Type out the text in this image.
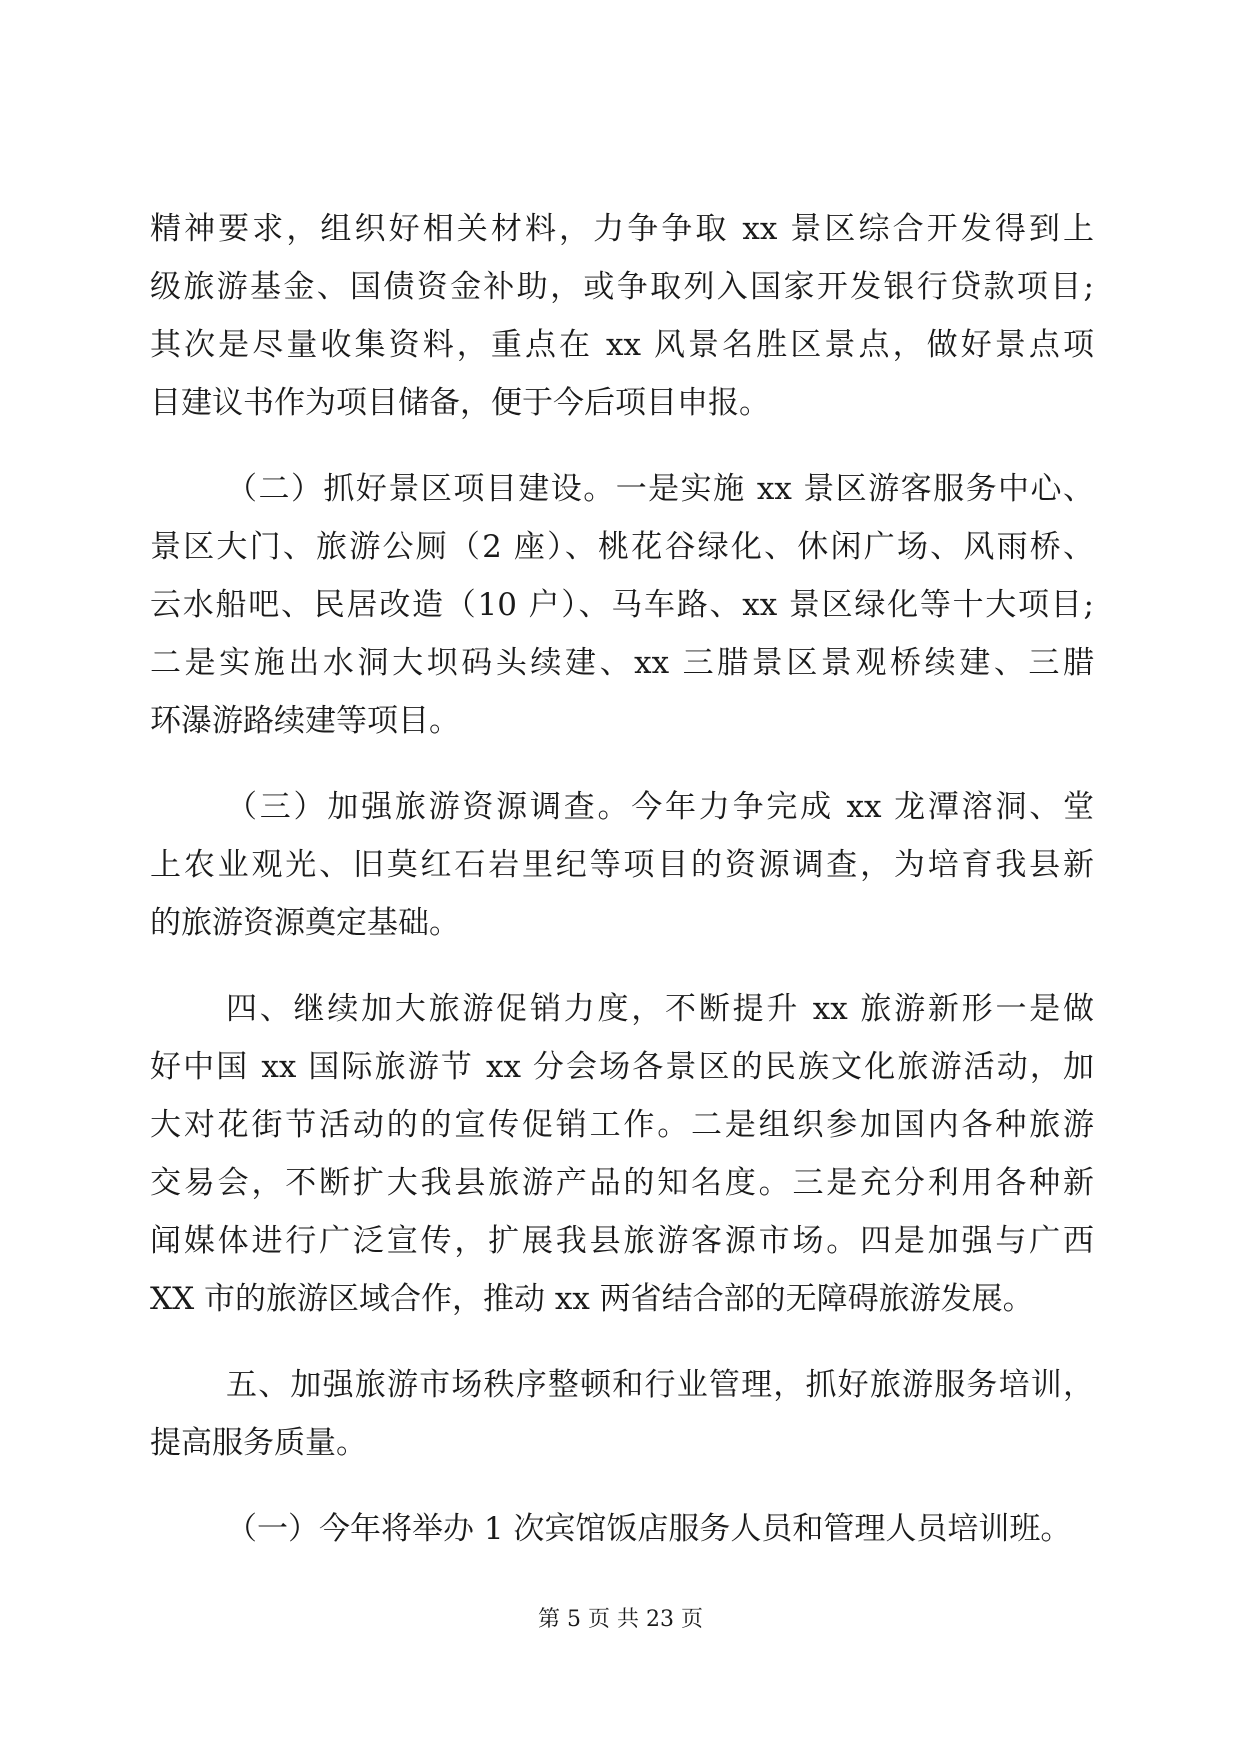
精神要求，组织好相关材料，力争争取 xx 景区综合开发得到上
级旅游基金、国债资金补助，或争取列入国家开发银行贷款项目;
其次是尽量收集资料，重点在 xx 风景名胜区景点，做好景点项
目建议书作为项目储备，便于今后项目申报。
（二）抓好景区项目建设。一是实施 xx 景区游客服务中心、
景区大门、旅游公厕（2 座）、桃花谷绿化、休闲广场、风雨桥、
云水船吧、民居改造（10 户）、马车路、xx 景区绿化等十大项目;
二是实施出水洞大坝码头续建、xx 三腊景区景观桥续建、三腊
环瀑游路续建等项目。
（三）加强旅游资源调查。今年力争完成 xx 龙潭溶洞、堂
上农业观光、旧莫红石岩里纪等项目的资源调查，为培育我县新
的旅游资源奠定基础。
四、继续加大旅游促销力度，不断提升 xx 旅游新形一是做
好中国 xx 国际旅游节 xx 分会场各景区的民族文化旅游活动，加
大对花街节活动的的宣传促销工作。二是组织参加国内各种旅游
交易会，不断扩大我县旅游产品的知名度。三是充分利用各种新
闻媒体进行广泛宣传，扩展我县旅游客源市场。四是加强与广西
XX 市的旅游区域合作，推动 xx 两省结合部的无障碍旅游发展。
五、加强旅游市场秩序整顿和行业管理，抓好旅游服务培训，
提高服务质量。
（一）今年将举办 1 次宾馆饭店服务人员和管理人员培训班。
第 5 页 共 23 页
